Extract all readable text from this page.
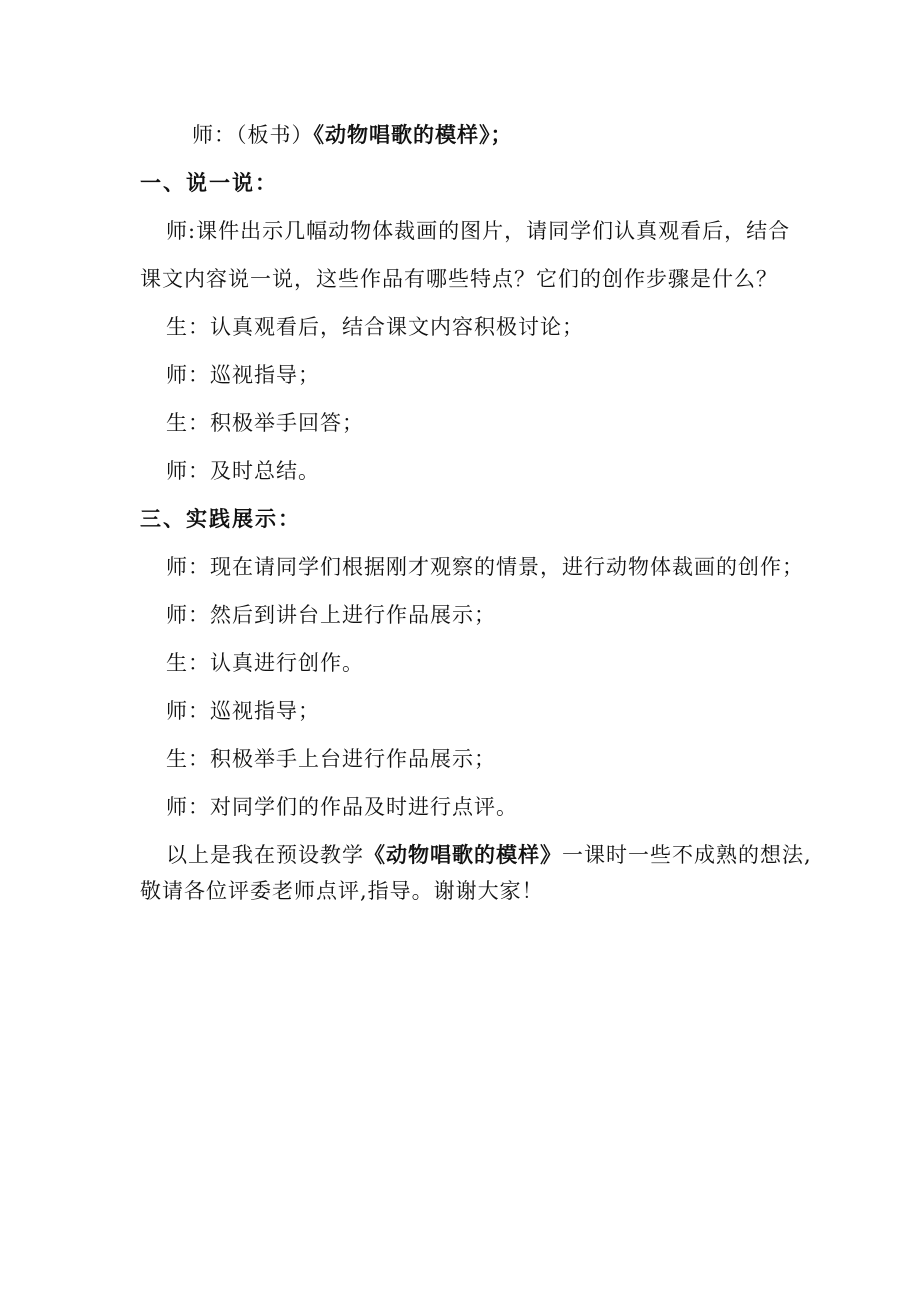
师：（板书）《动物唱歌的模样》；
一、说一说：
师:课件出示几幅动物体裁画的图片，请同学们认真观看后，结合
课文内容说一说，这些作品有哪些特点？它们的创作步骤是什么？
生：认真观看后，结合课文内容积极讨论；
师：巡视指导；
生：积极举手回答；
师：及时总结。
三、实践展示：
师：现在请同学们根据刚才观察的情景，进行动物体裁画的创作；
师：然后到讲台上进行作品展示；
生：认真进行创作。
师：巡视指导；
生：积极举手上台进行作品展示；
师：对同学们的作品及时进行点评。
以上是我在预设教学《动物唱歌的模样》一课时一些不成熟的想法,
敬请各位评委老师点评,指导。谢谢大家！
